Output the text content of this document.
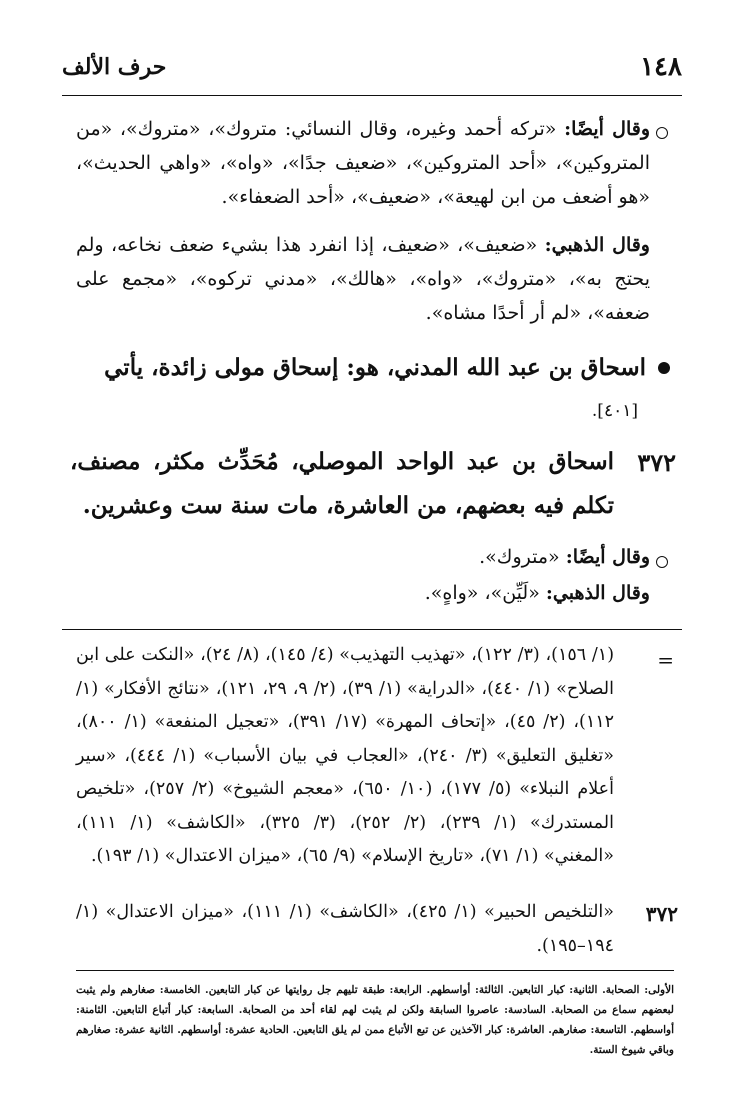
١٤٨
حرف الألف

وقال أيضًا: «تركه أحمد وغيره، وقال النسائي: متروك»، «متروك»، «من المتروكين»، «أحد المتروكين»، «ضعيف جدًا»، «واه»، «واهي الحديث»، «هو أضعف من ابن لهيعة»، «ضعيف»، «أحد الضعفاء».

وقال الذهبي: «ضعيف»، «ضعيف، إذا انفرد هذا بشيء ضعف نخاعه، ولم يحتج به»، «متروك»، «واه»، «هالك»، «مدني تركوه»، «مجمع على ضعفه»، «لم أر أحدًا مشاه».

اسحاق بن عبد الله المدني، هو: إسحاق مولى زائدة، يأتي
[٤٠١].
٣٧٢
اسحاق بن عبد الواحد الموصلي، مُحَدِّث مكثر، مصنف، تكلم فيه بعضهم، من العاشرة، مات سنة ست وعشرين.

وقال أيضًا: «متروك».

وقال الذهبي: «لَيِّن»، «واهٍ».

=

(١/ ١٥٦)، (٣/ ١٢٢)، «تهذيب التهذيب» (٤/ ١٤٥)، (٨/ ٢٤)، «النكت على ابن الصلاح» (١/ ٤٤٠)، «الدراية» (١/ ٣٩)، (٢/ ٩، ٢٩، ١٢١)، «نتائج الأفكار» (١/ ١١٢)، (٢/ ٤٥)، «إتحاف المهرة» (١٧/ ٣٩١)، «تعجيل المنفعة» (١/ ٨٠٠)، «تغليق التعليق» (٣/ ٢٤٠)، «العجاب في بيان الأسباب» (١/ ٤٤٤)، «سير أعلام النبلاء» (٥/ ١٧٧)، (١٠/ ٦٥٠)، «معجم الشيوخ» (٢/ ٢٥٧)، «تلخيص المستدرك» (١/ ٢٣٩)، (٢/ ٢٥٢)، (٣/ ٣٢٥)، «الكاشف» (١/ ١١١)، «المغني» (١/ ٧١)، «تاريخ الإسلام» (٩/ ٦٥)، «ميزان الاعتدال» (١/ ١٩٣).

٣٧٢

«التلخيص الحبير» (١/ ٤٢٥)، «الكاشف» (١/ ١١١)، «ميزان الاعتدال» (١/ ١٩٤–١٩٥).

الأولى: الصحابة. الثانية: كبار التابعين. الثالثة: أواسطهم. الرابعة: طبقة تليهم جل روايتها عن كبار التابعين. الخامسة: صغارهم ولم يثبت لبعضهم سماع من الصحابة. السادسة: عاصروا السابقة ولكن لم يثبت لهم لقاء أحد من الصحابة. السابعة: كبار أتباع التابعين. الثامنة: أواسطهم. التاسعة: صغارهم. العاشرة: كبار الآخذين عن تبع الأتباع ممن لم يلق التابعين. الحادية عشرة: أواسطهم. الثانية عشرة: صغارهم وباقي شيوخ الستة.
